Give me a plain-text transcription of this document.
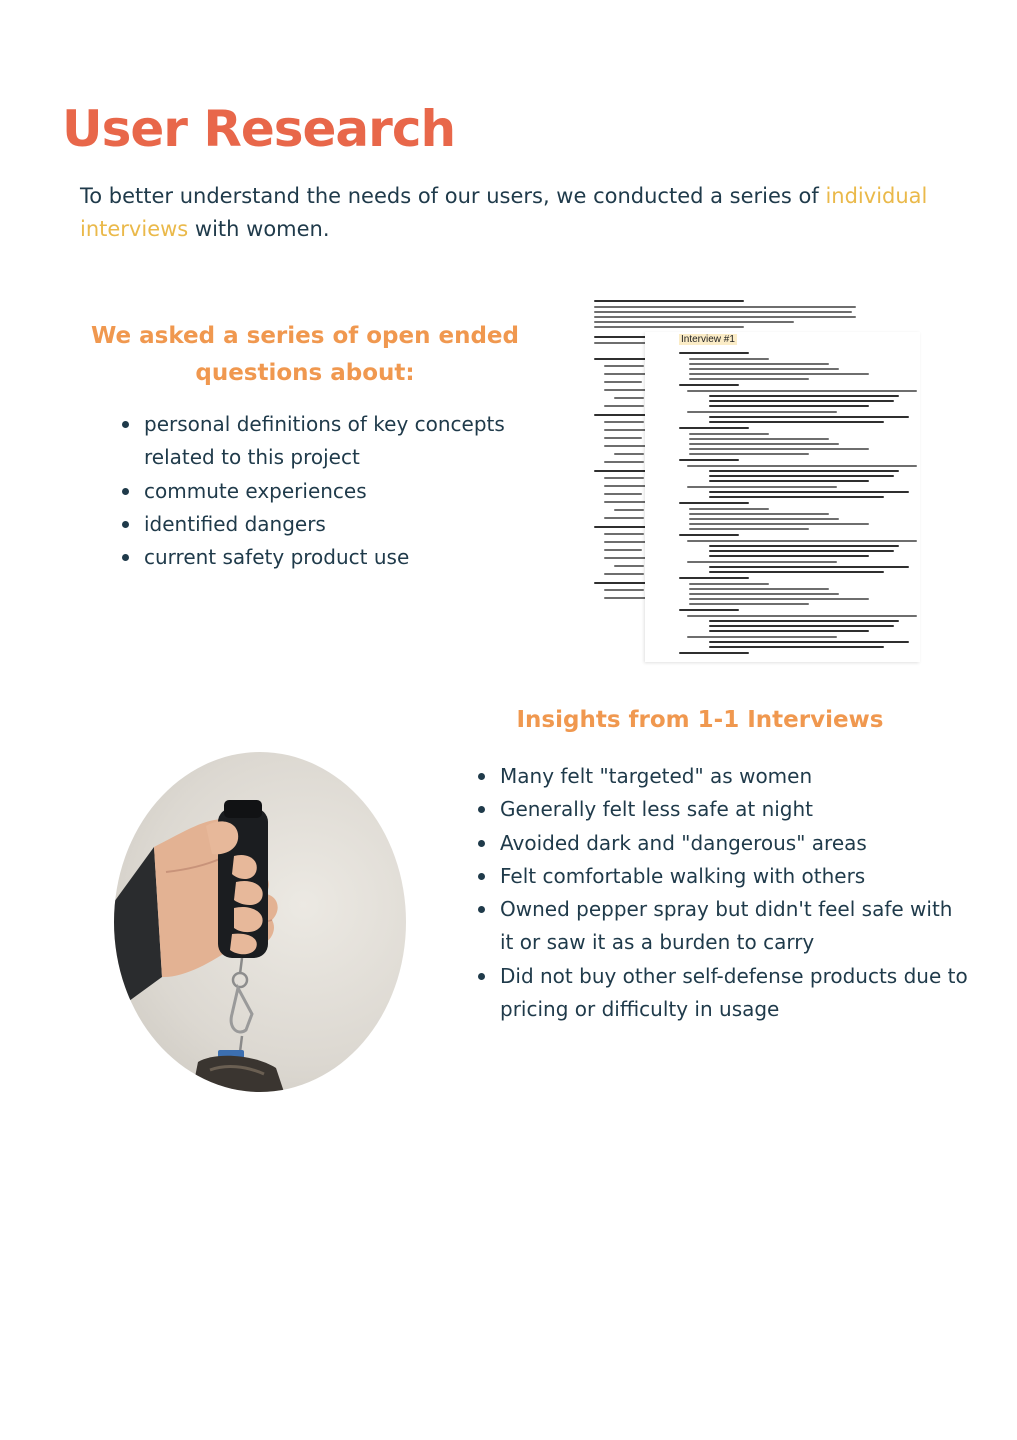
User Research

To better understand the needs of our users, we conducted a series of individual interviews with women.

We asked a series of open ended questions about:
personal definitions of key concepts related to this project
commute experiences
identified dangers
current safety product use
Interview #1
Insights from 1-1 Interviews
Many felt "targeted" as women
Generally felt less safe at night
Avoided dark and "dangerous" areas
Felt comfortable walking with others
Owned pepper spray but didn't feel safe with it or saw it as a burden to carry
Did not buy other self-defense products due to pricing or difficulty in usage
